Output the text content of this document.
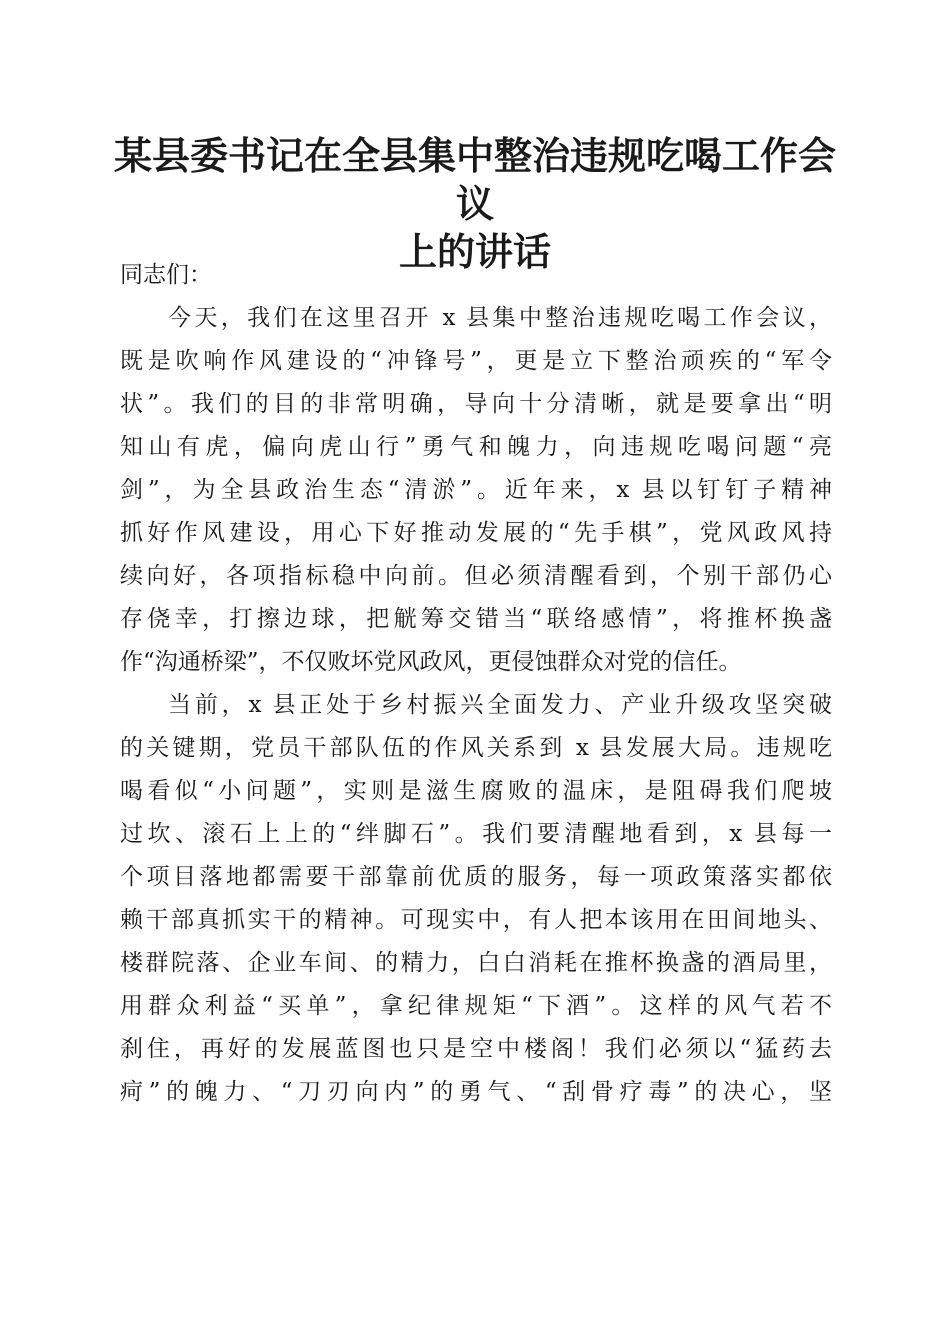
某县委书记在全县集中整治违规吃喝工作会议
上的讲话
同志们：
今天，我们在这里召开 x 县集中整治违规吃喝工作会议，
既是吹响作风建设的“冲锋号”，更是立下整治顽疾的“军令
状”。我们的目的非常明确，导向十分清晰，就是要拿出“明
知山有虎，偏向虎山行”勇气和魄力，向违规吃喝问题“亮
剑”，为全县政治生态“清淤”。近年来，x 县以钉钉子精神
抓好作风建设，用心下好推动发展的“先手棋”，党风政风持
续向好，各项指标稳中向前。但必须清醒看到，个别干部仍心
存侥幸，打擦边球，把觥筹交错当“联络感情”，将推杯换盏
作“沟通桥梁”，不仅败坏党风政风，更侵蚀群众对党的信任。
当前，x 县正处于乡村振兴全面发力、产业升级攻坚突破
的关键期，党员干部队伍的作风关系到 x 县发展大局。违规吃
喝看似“小问题”，实则是滋生腐败的温床，是阻碍我们爬坡
过坎、滚石上上的“绊脚石”。我们要清醒地看到，x 县每一
个项目落地都需要干部靠前优质的服务，每一项政策落实都依
赖干部真抓实干的精神。可现实中，有人把本该用在田间地头、
楼群院落、企业车间、的精力，白白消耗在推杯换盏的酒局里，
用群众利益“买单”，拿纪律规矩“下酒”。这样的风气若不
刹住，再好的发展蓝图也只是空中楼阁！我们必须以“猛药去
疴”的魄力、“刀刃向内”的勇气、“刮骨疗毒”的决心，坚
